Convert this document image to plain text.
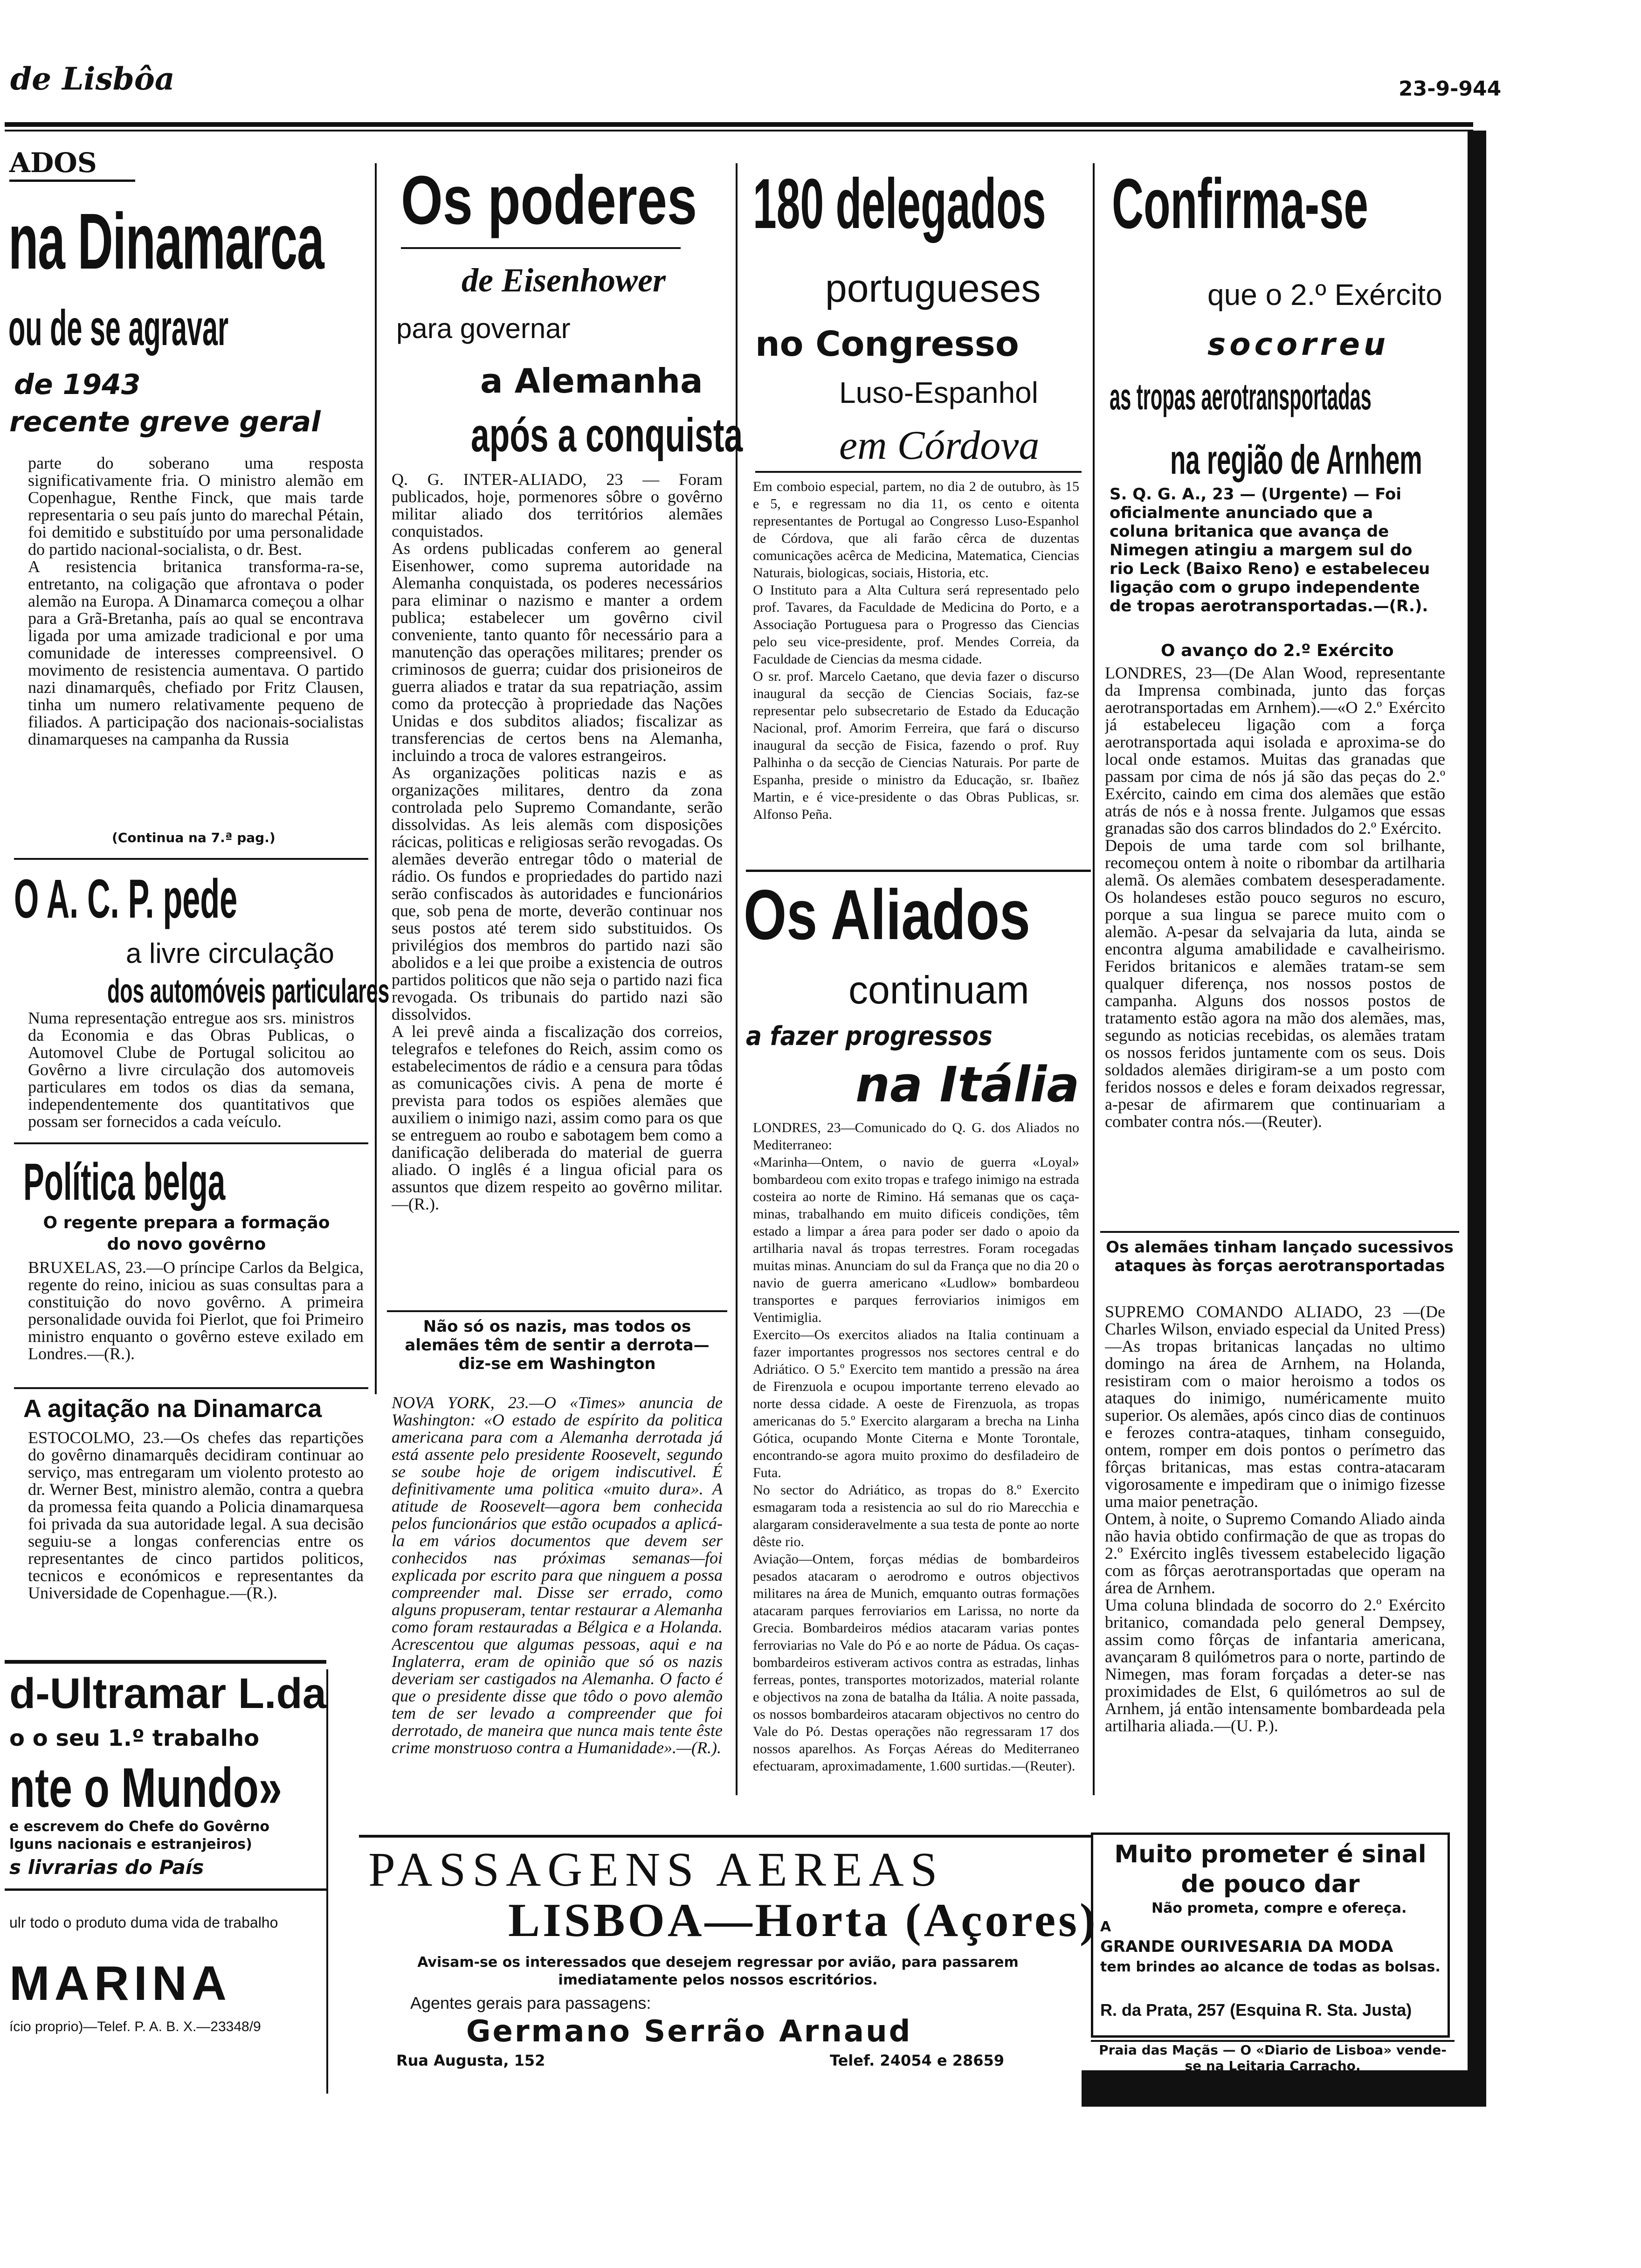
de Lisbôa	23-9-944
ADOS
na Dinamarca
ou de se agravar
de 1943
recente greve geral
parte do soberano uma resposta significativamente fria. O ministro alemão em Copenhague, Renthe Finck, que mais tarde representaria o seu país junto do marechal Pétain, foi demitido e substituído por uma personalidade do partido nacional-socialista, o dr. Best.
A resistencia britanica transforma-ra-se, entretanto, na coligação que afrontava o poder alemão na Europa. A Dinamarca começou a olhar para a Grã-Bretanha, país ao qual se encontrava ligada por uma amizade tradicional e por uma comunidade de interesses compreensivel. O movimento de resistencia aumentava. O partido nazi dinamarquês, chefiado por Fritz Clausen, tinha um numero relativamente pequeno de filiados. A participação dos nacionais-socialistas dinamarqueses na campanha da Russia
(Continua na 7.ª pag.)
O A. C. P. pede
a livre circulação
dos automóveis particulares
Numa representação entregue aos srs. ministros da Economia e das Obras Publicas, o Automovel Clube de Portugal solicitou ao Govêrno a livre circulação dos automoveis particulares em todos os dias da semana, independentemente dos quantitativos que possam ser fornecidos a cada veículo.
Política belga
O regente prepara a formação do novo govêrno
BRUXELAS, 23.—O príncipe Carlos da Belgica, regente do reino, iniciou as suas consultas para a constituição do novo govêrno. A primeira personalidade ouvida foi Pierlot, que foi Primeiro ministro enquanto o govêrno esteve exilado em Londres.—(R.).
A agitação na Dinamarca
ESTOCOLMO, 23.—Os chefes das repartições do govêrno dinamarquês decidiram continuar ao serviço, mas entregaram um violento protesto ao dr. Werner Best, ministro alemão, contra a quebra da promessa feita quando a Policia dinamarquesa foi privada da sua autoridade legal. A sua decisão seguiu-se a longas conferencias entre os representantes de cinco partidos politicos, tecnicos e económicos e representantes da Universidade de Copenhague.—(R.).
d-Ultramar L.da
o o seu 1.º trabalho
nte o Mundo»
e escrevem do Chefe do Govêrno
lguns nacionais e estranjeiros)
s livrarias do País
ulr todo o produto duma vida de trabalho
MARINA
ício proprio)—Telef. P. A. B. X.—23348/9
Os poderes
de Eisenhower
para governar
a Alemanha
após a conquista
Q. G. INTER-ALIADO, 23 — Foram publicados, hoje, pormenores sôbre o govêrno militar aliado dos territórios alemães conquistados.
As ordens publicadas conferem ao general Eisenhower, como suprema autoridade na Alemanha conquistada, os poderes necessários para eliminar o nazismo e manter a ordem publica; estabelecer um govêrno civil conveniente, tanto quanto fôr necessário para a manutenção das operações militares; prender os criminosos de guerra; cuidar dos prisioneiros de guerra aliados e tratar da sua repatriação, assim como da protecção à propriedade das Nações Unidas e dos subditos aliados; fiscalizar as transferencias de certos bens na Alemanha, incluindo a troca de valores estrangeiros.
As organizações politicas nazis e as organizações militares, dentro da zona controlada pelo Supremo Comandante, serão dissolvidas. As leis alemãs com disposições rácicas, politicas e religiosas serão revogadas. Os alemães deverão entregar tôdo o material de rádio. Os fundos e propriedades do partido nazi serão confiscados às autoridades e funcionários que, sob pena de morte, deverão continuar nos seus postos até terem sido substituidos. Os privilégios dos membros do partido nazi são abolidos e a lei que proibe a existencia de outros partidos politicos que não seja o partido nazi fica revogada. Os tribunais do partido nazi são dissolvidos.
A lei prevê ainda a fiscalização dos correios, telegrafos e telefones do Reich, assim como os estabelecimentos de rádio e a censura para tôdas as comunicações civis. A pena de morte é prevista para todos os espiões alemães que auxiliem o inimigo nazi, assim como para os que se entreguem ao roubo e sabotagem bem como a danificação deliberada do material de guerra aliado. O inglês é a lingua oficial para os assuntos que dizem respeito ao govêrno militar.—(R.).
Não só os nazis, mas todos os alemães têm de sentir a derrota— diz-se em Washington
NOVA YORK, 23.—O «Times» anuncia de Washington: «O estado de espírito da politica americana para com a Alemanha derrotada já está assente pelo presidente Roosevelt, segundo se soube hoje de origem indiscutivel. É definitivamente uma politica «muito dura». A atitude de Roosevelt—agora bem conhecida pelos funcionários que estão ocupados a aplicá-la em vários documentos que devem ser conhecidos nas próximas semanas—foi explicada por escrito para que ninguem a possa compreender mal. Disse ser errado, como alguns propuseram, tentar restaurar a Alemanha como foram restauradas a Bélgica e a Holanda. Acrescentou que algumas pessoas, aqui e na Inglaterra, eram de opinião que só os nazis deveriam ser castigados na Alemanha. O facto é que o presidente disse que tôdo o povo alemão tem de ser levado a compreender que foi derrotado, de maneira que nunca mais tente êste crime monstruoso contra a Humanidade».—(R.).
180 delegados
portugueses
no Congresso
Luso-Espanhol
em Córdova
Em comboio especial, partem, no dia 2 de outubro, às 15 e 5, e regressam no dia 11, os cento e oitenta representantes de Portugal ao Congresso Luso-Espanhol de Córdova, que ali farão cêrca de duzentas comunicações acêrca de Medicina, Matematica, Ciencias Naturais, biologicas, sociais, Historia, etc.
O Instituto para a Alta Cultura será representado pelo prof. Tavares, da Faculdade de Medicina do Porto, e a Associação Portuguesa para o Progresso das Ciencias pelo seu vice-presidente, prof. Mendes Correia, da Faculdade de Ciencias da mesma cidade.
O sr. prof. Marcelo Caetano, que devia fazer o discurso inaugural da secção de Ciencias Sociais, faz-se representar pelo subsecretario de Estado da Educação Nacional, prof. Amorim Ferreira, que fará o discurso inaugural da secção de Fisica, fazendo o prof. Ruy Palhinha o da secção de Ciencias Naturais. Por parte de Espanha, preside o ministro da Educação, sr. Ibañez Martin, e é vice-presidente o das Obras Publicas, sr. Alfonso Peña.
Os Aliados
continuam
a fazer progressos
na Itália
LONDRES, 23—Comunicado do Q. G. dos Aliados no Mediterraneo:
«Marinha—Ontem, o navio de guerra «Loyal» bombardeou com exito tropas e trafego inimigo na estrada costeira ao norte de Rimino. Há semanas que os caça-minas, trabalhando em muito dificeis condições, têm estado a limpar a área para poder ser dado o apoio da artilharia naval ás tropas terrestres. Foram rocegadas muitas minas. Anunciam do sul da França que no dia 20 o navio de guerra americano «Ludlow» bombardeou transportes e parques ferroviarios inimigos em Ventimiglia.
Exercito—Os exercitos aliados na Italia continuam a fazer importantes progressos nos sectores central e do Adriático. O 5.º Exercito tem mantido a pressão na área de Firenzuola e ocupou importante terreno elevado ao norte dessa cidade. A oeste de Firenzuola, as tropas americanas do 5.º Exercito alargaram a brecha na Linha Gótica, ocupando Monte Citerna e Monte Torontale, encontrando-se agora muito proximo do desfiladeiro de Futa.
No sector do Adriático, as tropas do 8.º Exercito esmagaram toda a resistencia ao sul do rio Marecchia e alargaram consideravelmente a sua testa de ponte ao norte dêste rio.
Aviação—Ontem, forças médias de bombardeiros pesados atacaram o aerodromo e outros objectivos militares na área de Munich, emquanto outras formações atacaram parques ferroviarios em Larissa, no norte da Grecia. Bombardeiros médios atacaram varias pontes ferroviarias no Vale do Pó e ao norte de Pádua. Os caças-bombardeiros estiveram activos contra as estradas, linhas ferreas, pontes, transportes motorizados, material rolante e objectivos na zona de batalha da Itália. A noite passada, os nossos bombardeiros atacaram objectivos no centro do Vale do Pó. Destas operações não regressaram 17 dos nossos aparelhos. As Forças Aéreas do Mediterraneo efectuaram, aproximadamente, 1.600 surtidas.—(Reuter).
Confirma-se
que o 2.º Exército
socorreu
as tropas aerotransportadas
na região de Arnhem
S. Q. G. A., 23 — (Urgente) — Foi oficialmente anunciado que a coluna britanica que avança de Nimegen atingiu a margem sul do rio Leck (Baixo Reno) e estabeleceu ligação com o grupo independente de tropas aerotransportadas.—(R.).
O avanço do 2.º Exército
LONDRES, 23—(De Alan Wood, representante da Imprensa combinada, junto das forças aerotransportadas em Arnhem).—«O 2.º Exército já estabeleceu ligação com a força aerotransportada aqui isolada e aproxima-se do local onde estamos. Muitas das granadas que passam por cima de nós já são das peças do 2.º Exército, caindo em cima dos alemães que estão atrás de nós e à nossa frente. Julgamos que essas granadas são dos carros blindados do 2.º Exército.
Depois de uma tarde com sol brilhante, recomeçou ontem à noite o ribombar da artilharia alemã. Os alemães combatem desesperadamente. Os holandeses estão pouco seguros no escuro, porque a sua lingua se parece muito com o alemão. A-pesar da selvajaria da luta, ainda se encontra alguma amabilidade e cavalheirismo. Feridos britanicos e alemães tratam-se sem qualquer diferença, nos nossos postos de campanha. Alguns dos nossos postos de tratamento estão agora na mão dos alemães, mas, segundo as noticias recebidas, os alemães tratam os nossos feridos juntamente com os seus. Dois soldados alemães dirigiram-se a um posto com feridos nossos e deles e foram deixados regressar, a-pesar de afirmarem que continuariam a combater contra nós.—(Reuter).
Os alemães tinham lançado sucessivos ataques às forças aerotransportadas
SUPREMO COMANDO ALIADO, 23 —(De Charles Wilson, enviado especial da United Press)—As tropas britanicas lançadas no ultimo domingo na área de Arnhem, na Holanda, resistiram com o maior heroismo a todos os ataques do inimigo, numéricamente muito superior. Os alemães, após cinco dias de continuos e ferozes contra-ataques, tinham conseguido, ontem, romper em dois pontos o perímetro das fôrças britanicas, mas estas contra-atacaram vigorosamente e impediram que o inimigo fizesse uma maior penetração.
Ontem, à noite, o Supremo Comando Aliado ainda não havia obtido confirmação de que as tropas do 2.º Exército inglês tivessem estabelecido ligação com as fôrças aerotransportadas que operam na área de Arnhem.
Uma coluna blindada de socorro do 2.º Exército britanico, comandada pelo general Dempsey, assim como fôrças de infantaria americana, avançaram 8 quilómetros para o norte, partindo de Nimegen, mas foram forçadas a deter-se nas proximidades de Elst, 6 quilómetros ao sul de Arnhem, já então intensamente bombardeada pela artilharia aliada.—(U. P.).
PASSAGENS AEREAS
LISBOA—Horta (Açores)
Avisam-se os interessados que desejem regressar por avião, para passarem imediatamente pelos nossos escritórios.
Agentes gerais para passagens:
Germano Serrão Arnaud
Rua Augusta, 152	Telef. 24054 e 28659
Muito prometer é sinal de pouco dar
Não prometa, compre e ofereça.
A
GRANDE OURIVESARIA DA MODA
tem brindes ao alcance de todas as bolsas.
R. da Prata, 257 (Esquina R. Sta. Justa)
Praia das Maçãs — O «Diario de Lisboa» vende-se na Leitaria Carracho.
